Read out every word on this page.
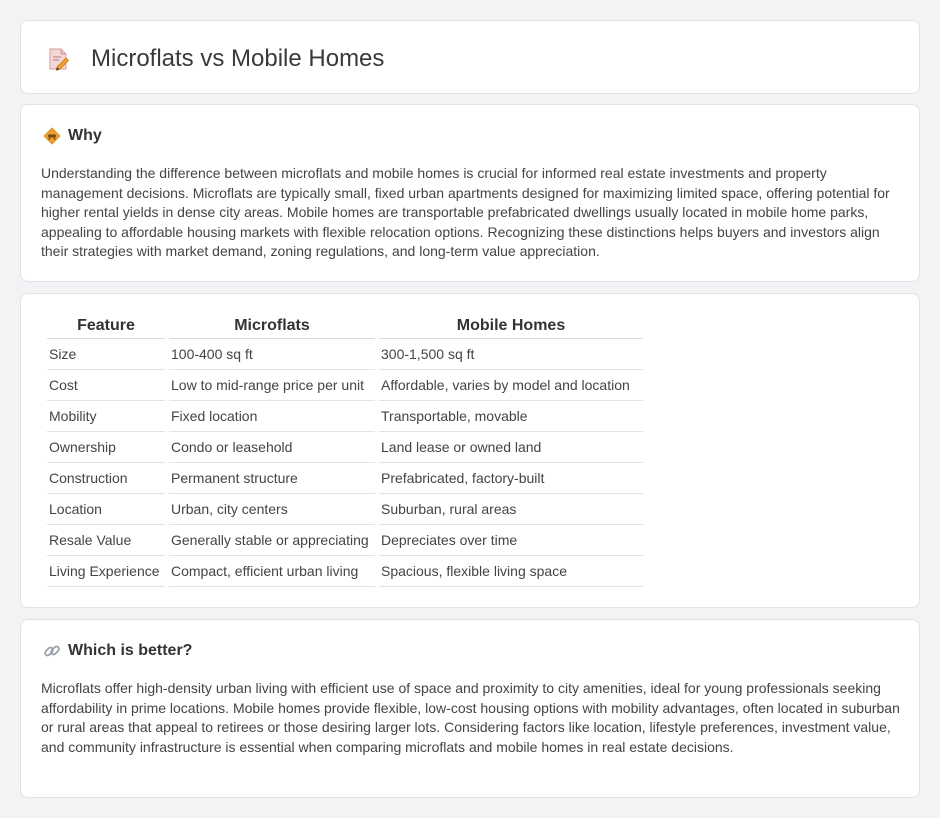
Microflats vs Mobile Homes
Why

Understanding the difference between microflats and mobile homes is crucial for informed real estate investments and property management decisions. Microflats are typically small, fixed urban apartments designed for maximizing limited space, offering potential for higher rental yields in dense city areas. Mobile homes are transportable prefabricated dwellings usually located in mobile home parks, appealing to affordable housing markets with flexible relocation options. Recognizing these distinctions helps buyers and investors align their strategies with market demand, zoning regulations, and long-term value appreciation.

Feature	Microflats	Mobile Homes
Size	100-400 sq ft	300-1,500 sq ft
Cost	Low to mid-range price per unit	Affordable, varies by model and location
Mobility	Fixed location	Transportable, movable
Ownership	Condo or leasehold	Land lease or owned land
Construction	Permanent structure	Prefabricated, factory-built
Location	Urban, city centers	Suburban, rural areas
Resale Value	Generally stable or appreciating	Depreciates over time
Living Experience	Compact, efficient urban living	Spacious, flexible living space
Which is better?

Microflats offer high-density urban living with efficient use of space and proximity to city amenities, ideal for young professionals seeking affordability in prime locations. Mobile homes provide flexible, low-cost housing options with mobility advantages, often located in suburban or rural areas that appeal to retirees or those desiring larger lots. Considering factors like location, lifestyle preferences, investment value, and community infrastructure is essential when comparing microflats and mobile homes in real estate decisions.
